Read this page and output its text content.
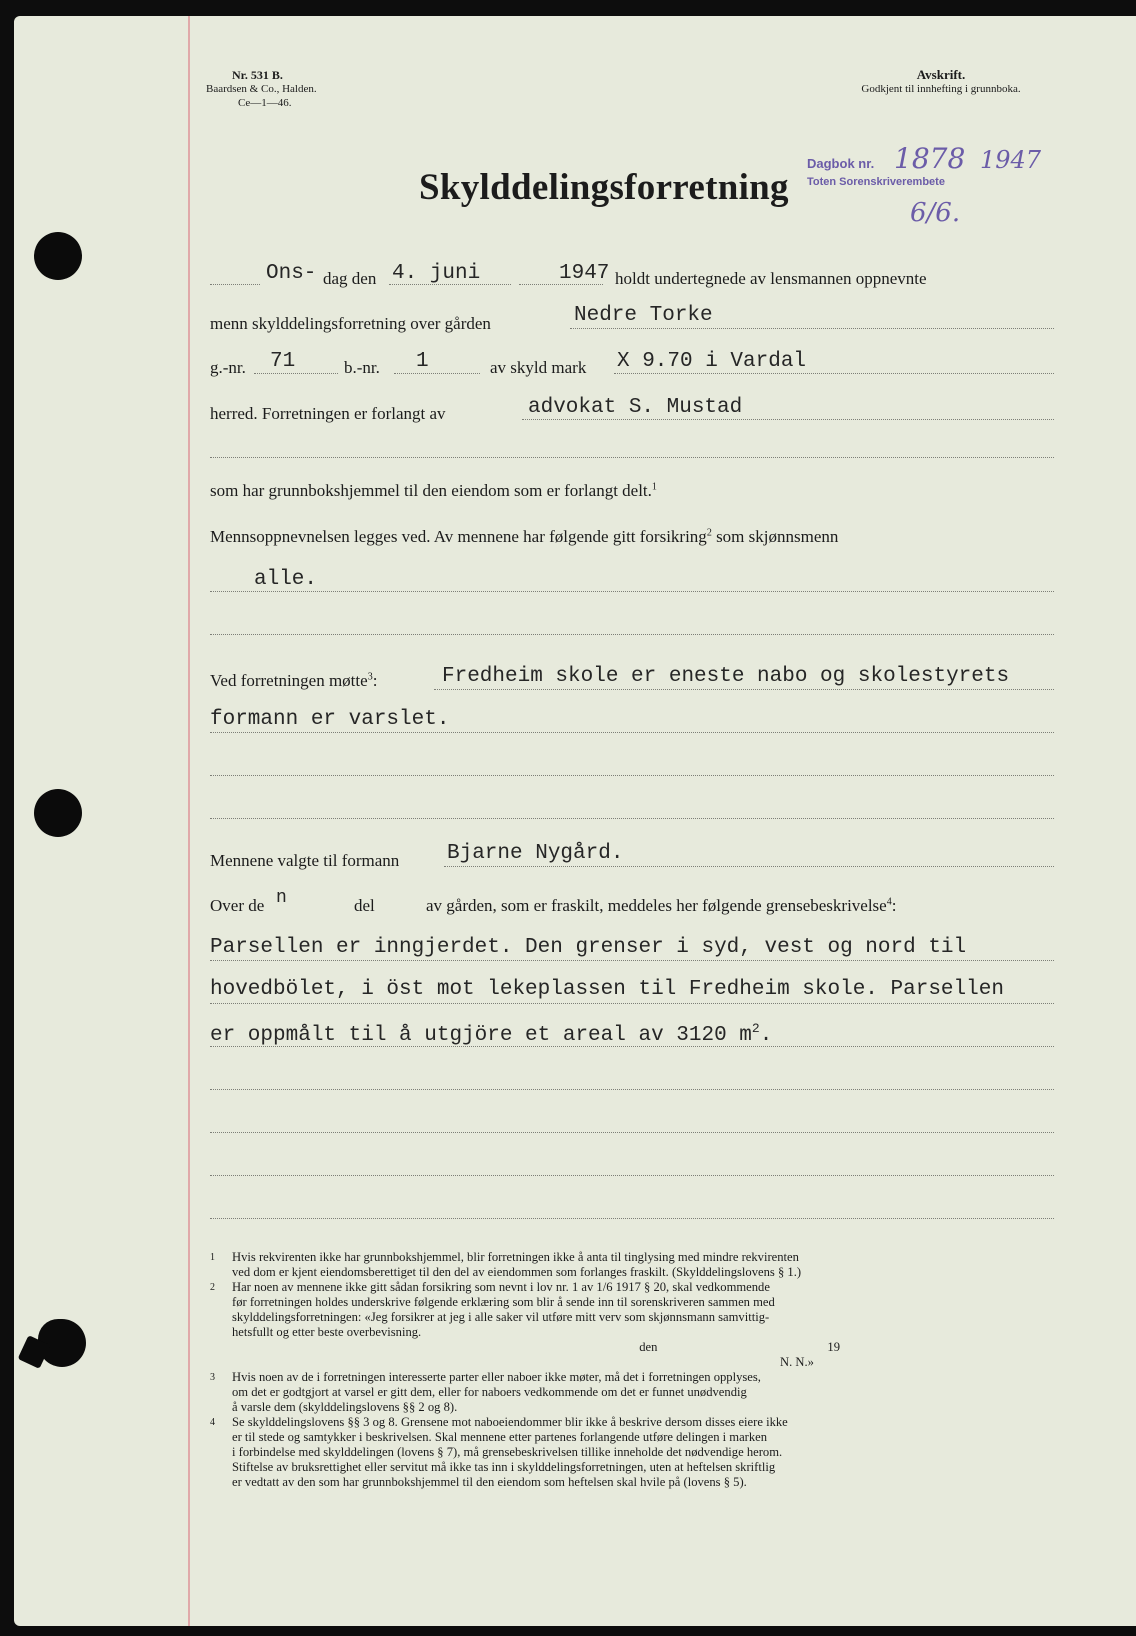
Nr. 531 B.
Baardsen & Co., Halden.
Ce—1—46.
Avskrift.
Godkjent til innhefting i grunnboka.
Dagbok nr.
Toten Sorenskriverembete
1878 1947
6/6.
Skylddelingsforretning
Ons- dag den 4. juni	1947 holdt undertegnede av lensmannen oppnevnte
menn skylddelingsforretning over gården	Nedre Torke
g.-nr. 71	b.-nr. 1	av skyld mark X 9.70 i Vardal
herred. Forretningen er forlangt av	advokat S. Mustad
som har grunnbokshjemmel til den eiendom som er forlangt delt.$^1$
Mennsoppnevnelsen legges ved. Av mennene har følgende gitt forsikring$^2$ som skjønnsmenn
alle.
Ved forretningen møtte$^3$:	Fredheim skole er eneste nabo og skolestyrets
formann er varslet.
Mennene valgte til formann Bjarne Nygård.
Over de n	del	av gården, som er fraskilt, meddeles her følgende grensebeskrivelse$^4$:
Parsellen er inngjerdet. Den grenser i syd, vest og nord til
hovedbölet, i öst mot lekeplassen til Fredheim skole. Parsellen
er oppmålt til å utgjöre et areal av 3120 $m^2$.
1	Hvis rekvirenten ikke har grunnbokshjemmel, blir forretningen ikke å anta til tinglysing med mindre rekvirenten
ved dom er kjent eiendomsberettiget til den del av eiendommen som forlanges fraskilt. (Skylddelingslovens § 1.)
2	Har noen av mennene ikke gitt sådan forsikring som nevnt i lov nr. 1 av 1/6 1917 § 20, skal vedkommende
før forretningen holdes underskrive følgende erklæring som blir å sende inn til sorenskriveren sammen med
skylddelingsforretningen: «Jeg forsikrer at jeg i alle saker vil utføre mitt verv som skjønnsmann samvittig-
hetsfullt og etter beste overbevisning.
den	19
N. N.»
3	Hvis noen av de i forretningen interesserte parter eller naboer ikke møter, må det i forretningen opplyses,
om det er godtgjort at varsel er gitt dem, eller for naboers vedkommende om det er funnet unødvendig
å varsle dem (skylddelingslovens §§ 2 og 8).
4	Se skylddelingslovens §§ 3 og 8. Grensene mot naboeiendommer blir ikke å beskrive dersom disses eiere ikke
er til stede og samtykker i beskrivelsen. Skal mennene etter partenes forlangende utføre delingen i marken
i forbindelse med skylddelingen (lovens § 7), må grensebeskrivelsen tillike inneholde det nødvendige herom.
Stiftelse av bruksrettighet eller servitut må ikke tas inn i skylddelingsforretningen, uten at heftelsen skriftlig
er vedtatt av den som har grunnbokshjemmel til den eiendom som heftelsen skal hvile på (lovens § 5).
